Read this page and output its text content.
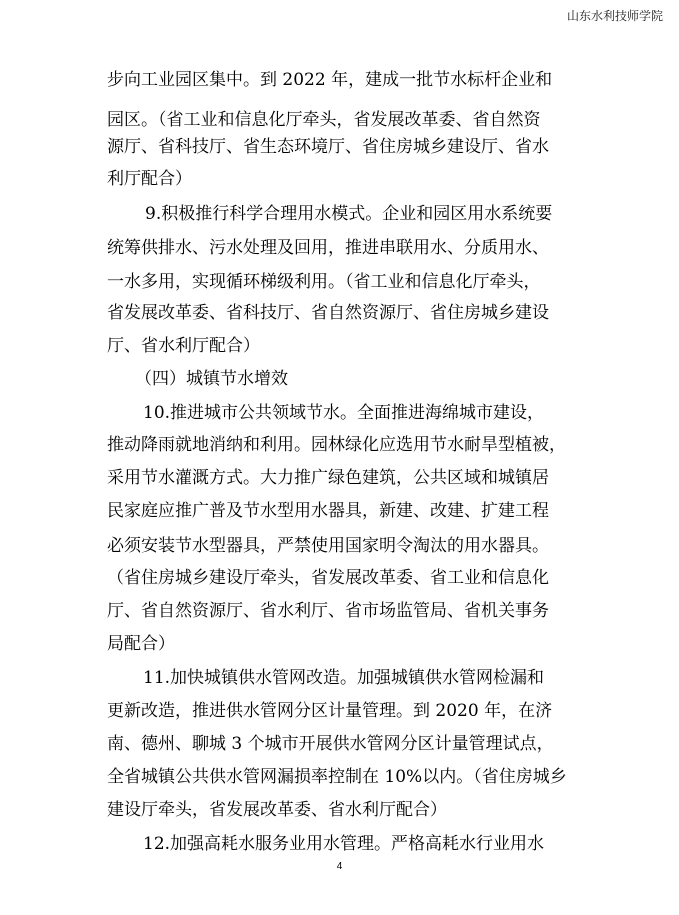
山东水利技师学院
步向工业园区集中。到 2022 年，建成一批节水标杆企业和
园区。（省工业和信息化厅牵头，省发展改革委、省自然资
源厅、省科技厅、省生态环境厅、省住房城乡建设厅、省水
利厅配合）
9.积极推行科学合理用水模式。企业和园区用水系统要
统筹供排水、污水处理及回用，推进串联用水、分质用水、
一水多用，实现循环梯级利用。（省工业和信息化厅牵头，
省发展改革委、省科技厅、省自然资源厅、省住房城乡建设
厅、省水利厅配合）
（四）城镇节水增效
10.推进城市公共领域节水。全面推进海绵城市建设，
推动降雨就地消纳和利用。园林绿化应选用节水耐旱型植被，
采用节水灌溉方式。大力推广绿色建筑，公共区域和城镇居
民家庭应推广普及节水型用水器具，新建、改建、扩建工程
必须安装节水型器具，严禁使用国家明令淘汰的用水器具。
（省住房城乡建设厅牵头，省发展改革委、省工业和信息化
厅、省自然资源厅、省水利厅、省市场监管局、省机关事务
局配合）
11.加快城镇供水管网改造。加强城镇供水管网检漏和
更新改造，推进供水管网分区计量管理。到 2020 年，在济
南、德州、聊城 3 个城市开展供水管网分区计量管理试点，
全省城镇公共供水管网漏损率控制在 10%以内。（省住房城乡
建设厅牵头，省发展改革委、省水利厅配合）
12.加强高耗水服务业用水管理。严格高耗水行业用水
4
